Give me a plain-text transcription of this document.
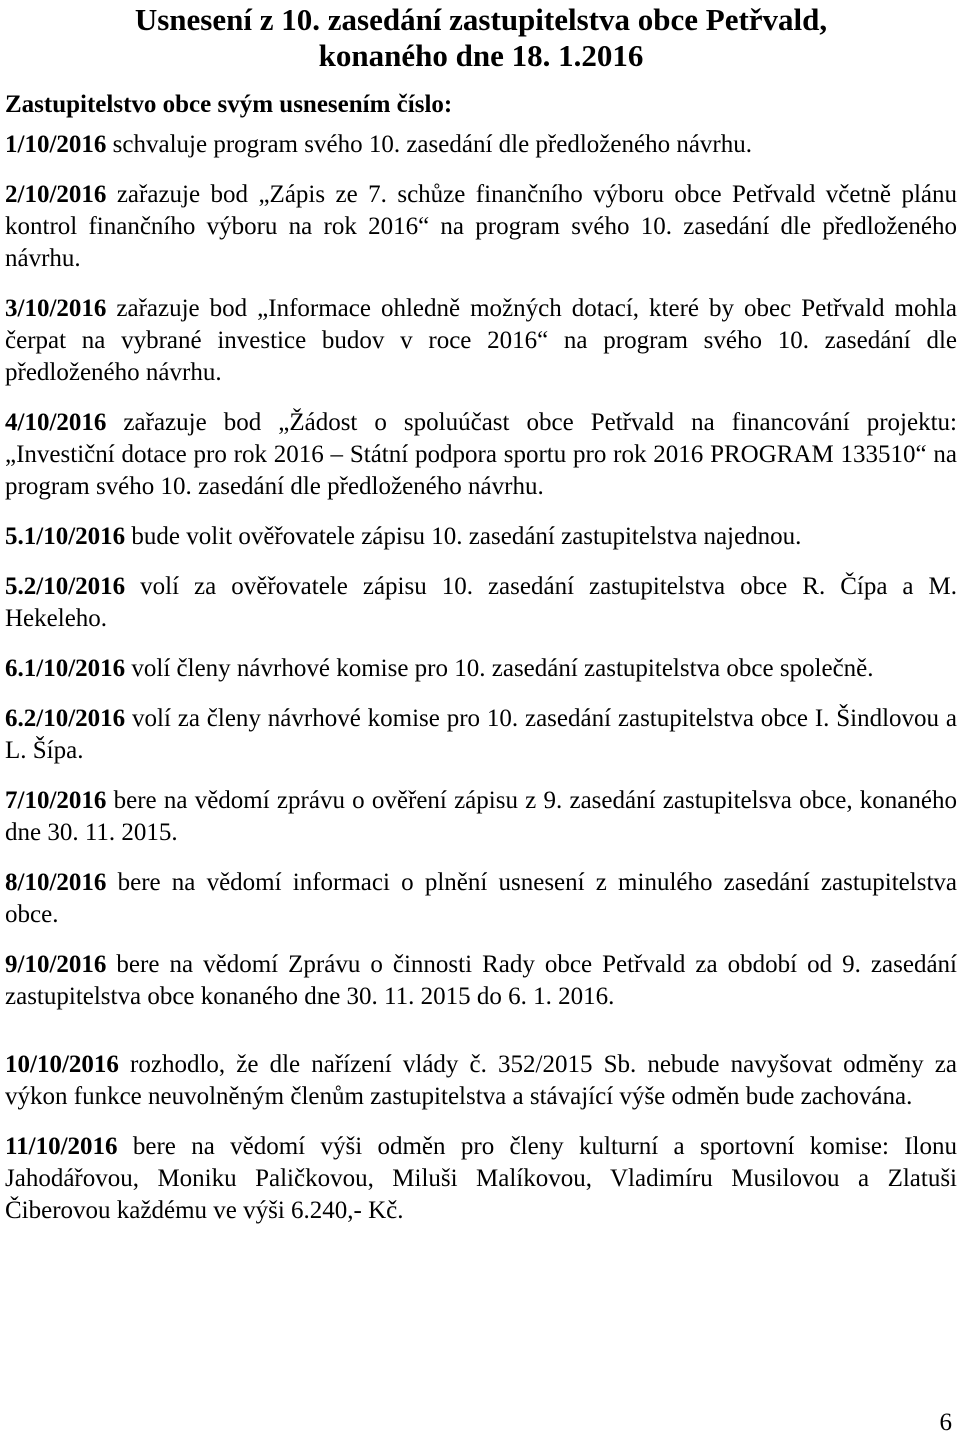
Usnesení z 10. zasedání zastupitelstva obce Petřvald,
konaného dne 18. 1.2016

Zastupitelstvo obce svým usnesením číslo:

1/10/2016 schvaluje program svého 10. zasedání dle předloženého návrhu.

2/10/2016 zařazuje bod „Zápis ze 7. schůze finančního výboru obce Petřvald včetně plánu kontrol finančního výboru na rok 2016“ na program svého 10. zasedání dle předloženého návrhu.

3/10/2016 zařazuje bod „Informace ohledně možných dotací, které by obec Petřvald mohla čerpat na vybrané investice budov v roce 2016“ na program svého 10. zasedání dle předloženého návrhu.

4/10/2016 zařazuje bod „Žádost o spoluúčast obce Petřvald na financování projektu: „Investiční dotace pro rok 2016 – Státní podpora sportu pro rok 2016 PROGRAM 133510“ na program svého 10. zasedání dle předloženého návrhu.

5.1/10/2016 bude volit ověřovatele zápisu 10. zasedání zastupitelstva najednou.

5.2/10/2016 volí za ověřovatele zápisu 10. zasedání zastupitelstva obce R. Čípa a M. Hekeleho.

6.1/10/2016 volí členy návrhové komise pro 10. zasedání zastupitelstva obce společně.

6.2/10/2016 volí za členy návrhové komise pro 10. zasedání zastupitelstva obce I. Šindlovou a L. Šípa.

7/10/2016 bere na vědomí zprávu o ověření zápisu z 9. zasedání zastupitelsva obce, konaného dne 30. 11. 2015.

8/10/2016 bere na vědomí informaci o plnění usnesení z minulého zasedání zastupitelstva obce.

9/10/2016 bere na vědomí Zprávu o činnosti Rady obce Petřvald za období od 9. zasedání zastupitelstva obce konaného dne 30. 11. 2015 do 6. 1. 2016.

10/10/2016 rozhodlo, že dle nařízení vlády č. 352/2015 Sb. nebude navyšovat odměny za výkon funkce neuvolněným členům zastupitelstva a stávající výše odměn bude zachována.

11/10/2016 bere na vědomí výši odměn pro členy kulturní a sportovní komise: Ilonu Jahodářovou, Moniku Paličkovou, Miluši Malíkovou, Vladimíru Musilovou a Zlatuši Čiberovou každému ve výši 6.240,- Kč.

6
